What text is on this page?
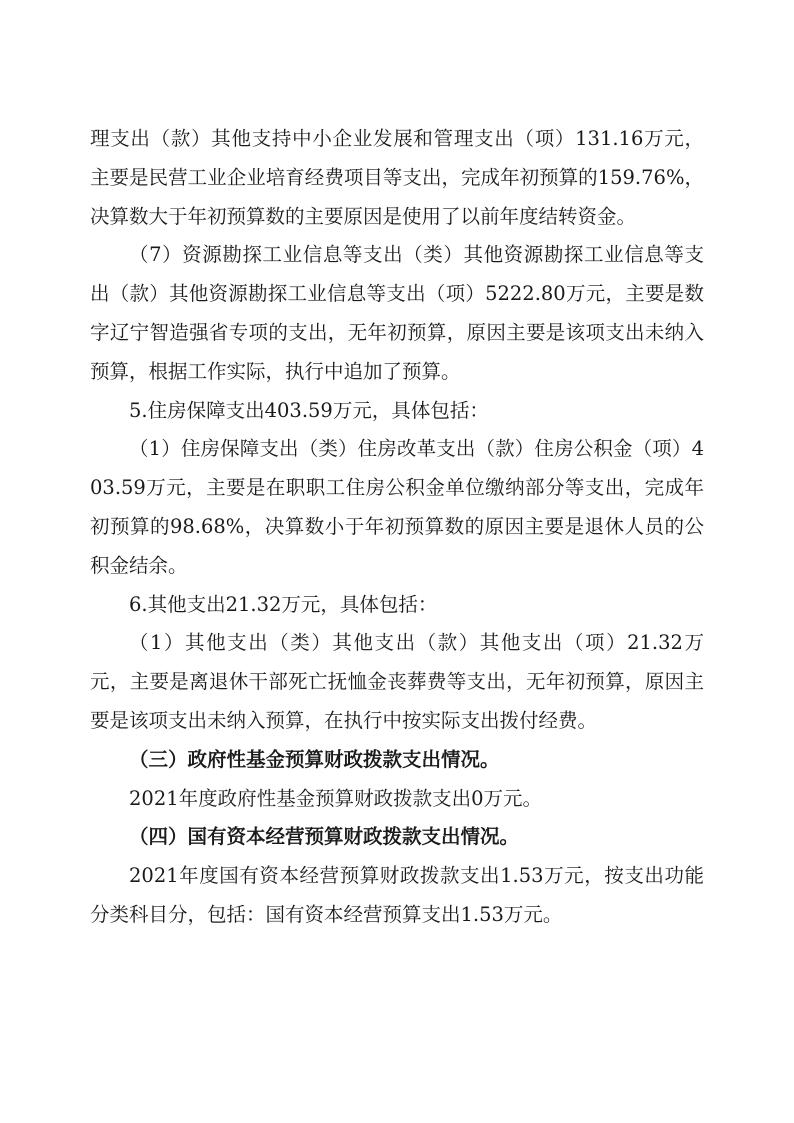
理支出（款）其他支持中小企业发展和管理支出（项）131.16万元，主要是民营工业企业培育经费项目等支出，完成年初预算的159.76%，决算数大于年初预算数的主要原因是使用了以前年度结转资金。

（7）资源勘探工业信息等支出（类）其他资源勘探工业信息等支出（款）其他资源勘探工业信息等支出（项）5222.80万元，主要是数字辽宁智造强省专项的支出，无年初预算，原因主要是该项支出未纳入预算，根据工作实际，执行中追加了预算。

5.住房保障支出403.59万元，具体包括：

（1）住房保障支出（类）住房改革支出（款）住房公积金（项）403.59万元，主要是在职职工住房公积金单位缴纳部分等支出，完成年初预算的98.68%，决算数小于年初预算数的原因主要是退休人员的公积金结余。

6.其他支出21.32万元，具体包括：

（1）其他支出（类）其他支出（款）其他支出（项）21.32万元，主要是离退休干部死亡抚恤金丧葬费等支出，无年初预算，原因主要是该项支出未纳入预算，在执行中按实际支出拨付经费。

（三）政府性基金预算财政拨款支出情况。

2021年度政府性基金预算财政拨款支出0万元。

（四）国有资本经营预算财政拨款支出情况。

2021年度国有资本经营预算财政拨款支出1.53万元，按支出功能分类科目分，包括：国有资本经营预算支出1.53万元。
